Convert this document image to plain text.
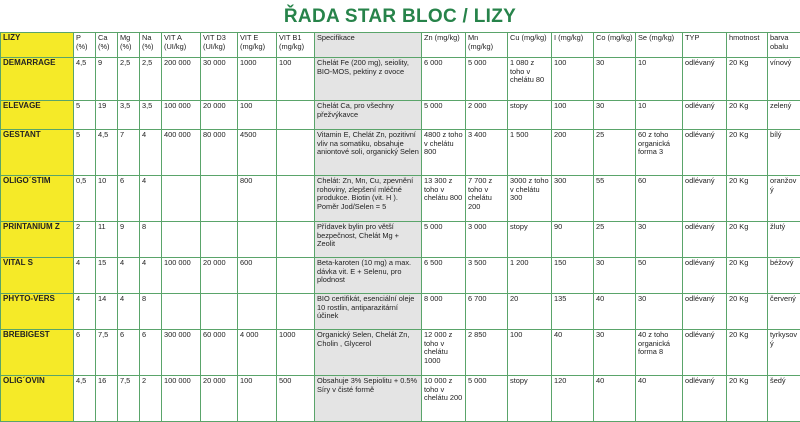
ŘADA STAR BLOC / LIZY
LIZY	P (%)	Ca (%)	Mg (%)	Na (%)	VIT A (UI/kg)	VIT D3 (UI/kg)	VIT E (mg/kg)	VIT B1 (mg/kg)	Specifikace	Zn (mg/kg)	Mn (mg/kg)	Cu (mg/kg)	I (mg/kg)	Co (mg/kg)	Se (mg/kg)	TYP	hmotnost	barva obalu
DEMARRAGE	4,5	9	2,5	2,5	200 000	30 000	1000	100	Chelát Fe (200 mg), seiolity, BIO-MOS, pektiny z ovoce	6 000	5 000	1 080 z toho v chelátu 80	100	30	10	odlévaný	20 Kg	vínový
ELEVAGE	5	19	3,5	3,5	100 000	20 000	100		Chelát Ca, pro všechny přežvýkavce	5 000	2 000	stopy	100	30	10	odlévaný	20 Kg	zelený
GESTANT	5	4,5	7	4	400 000	80 000	4500		Vitamin E, Chelát Zn, pozitivní vliv na somatiku, obsahuje aniontové soli, organický Selen	4800 z toho v chelátu 800	3 400	1 500	200	25	60 z toho organická forma 3	odlévaný	20 Kg	bílý
OLIGO´STIM	0,5	10	6	4			800		Chelát: Zn, Mn, Cu, zpevnění rohoviny, zlepšení mléčné produkce. Biotin (vit. H ). Poměr Jod/Selen = 5	13 300 z toho v chelátu 800	7 700 z toho v chelátu 200	3000 z toho v chelátu 300	300	55	60	odlévaný	20 Kg	oranžový
PRINTANIUM Z	2	11	9	8					Přídavek bylin pro větší bezpečnost, Chelát Mg + Zeolit	5 000	3 000	stopy	90	25	30	odlévaný	20 Kg	žlutý
VITAL S	4	15	4	4	100 000	20 000	600		Beta-karoten (10 mg) a max. dávka vit. E + Selenu, pro plodnost	6 500	3 500	1 200	150	30	50	odlévaný	20 Kg	béžový
PHYTO-VERS	4	14	4	8					BIO certifikát, esenciální oleje 10 rostlin, antiparazitární účinek	8 000	6 700	20	135	40	30	odlévaný	20 Kg	červený
BREBIGEST	6	7,5	6	6	300 000	60 000	4 000	1000	Organický Selen, Chelát Zn, Cholin , Glycerol	12 000 z toho v chelátu 1000	2 850	100	40	30	40 z toho organická forma 8	odlévaný	20 Kg	tyrkysový
OLIG´OVIN	4,5	16	7,5	2	100 000	20 000	100	500	Obsahuje 3% Sepiolitu + 0.5% Síry v čisté formě	10 000 z toho v chelátu 200	5 000	stopy	120	40	40	odlévaný	20 Kg	šedý
